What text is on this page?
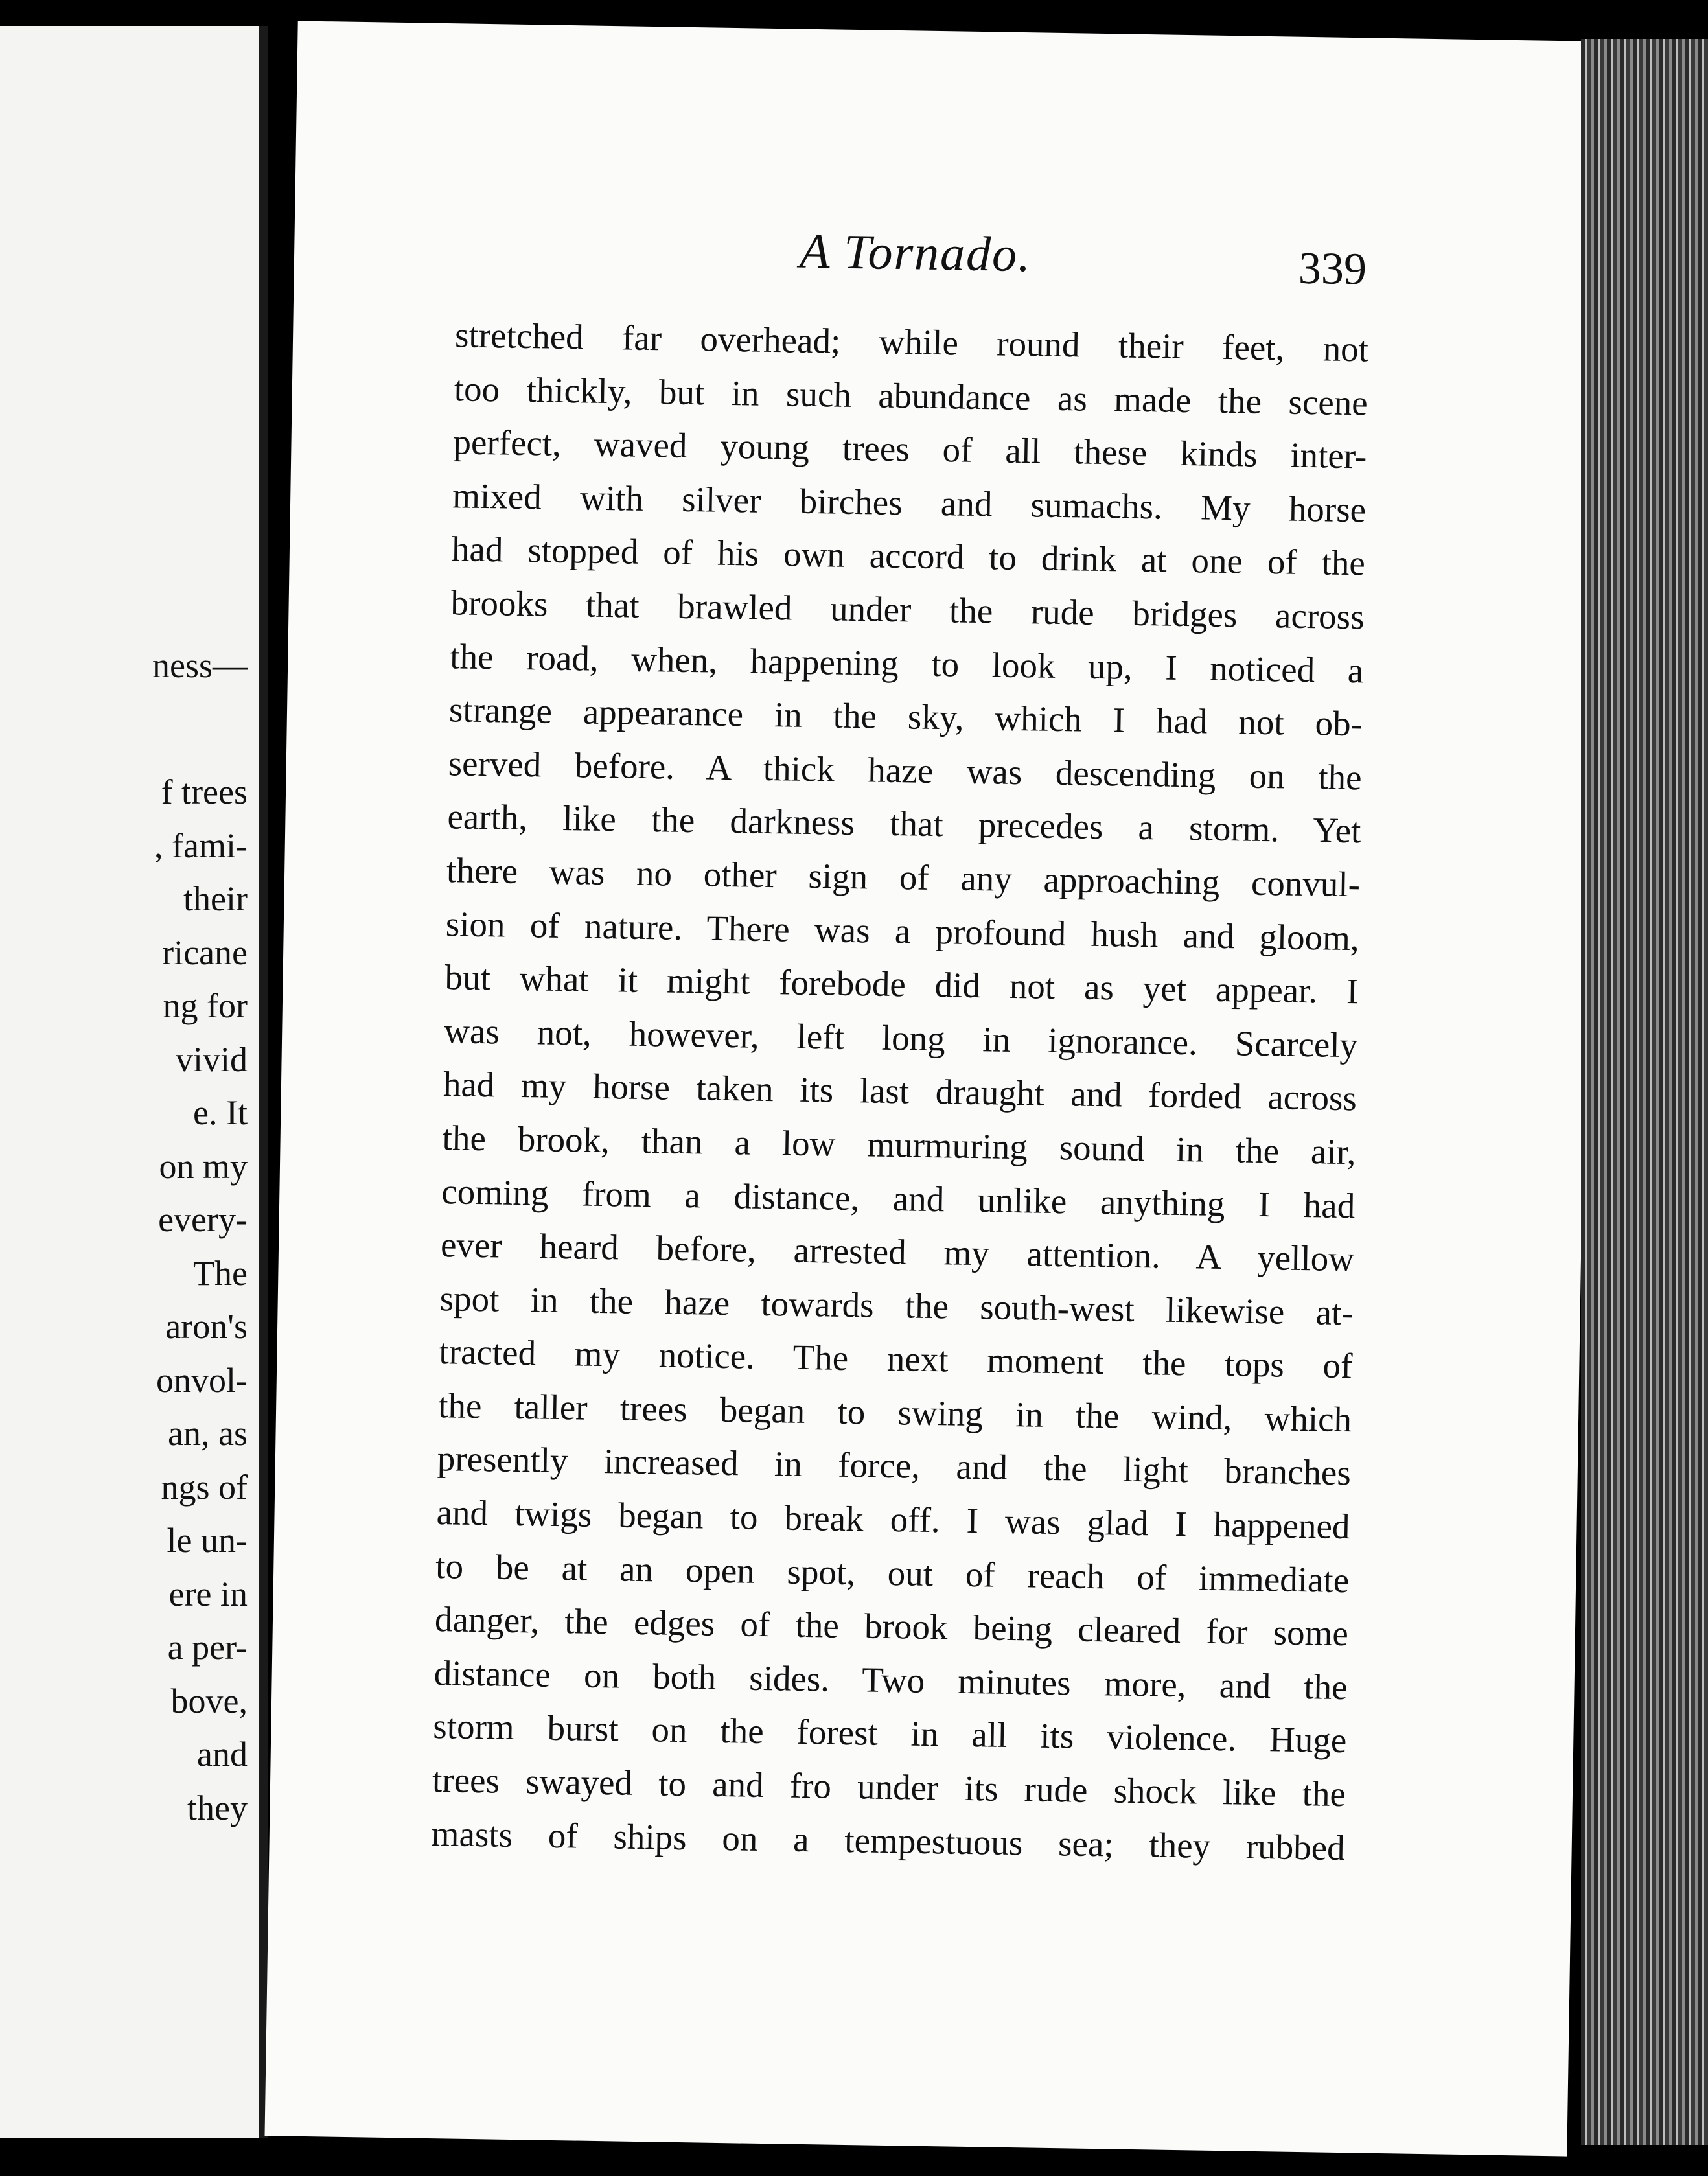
ness—
f trees
, fami-
their
ricane
ng for
vivid
e. It
on my
every-
The
aron's
onvol-
an, as
ngs of
le un-
ere in
a per-
bove,
and
they
A Tornado.	339
stretched far overhead; while round their feet, not
too thickly, but in such abundance as made the scene
perfect, waved young trees of all these kinds inter-
mixed with silver birches and sumachs. My horse
had stopped of his own accord to drink at one of the
brooks that brawled under the rude bridges across
the road, when, happening to look up, I noticed a
strange appearance in the sky, which I had not ob-
served before. A thick haze was descending on the
earth, like the darkness that precedes a storm. Yet
there was no other sign of any approaching convul-
sion of nature. There was a profound hush and gloom,
but what it might forebode did not as yet appear. I
was not, however, left long in ignorance. Scarcely
had my horse taken its last draught and forded across
the brook, than a low murmuring sound in the air,
coming from a distance, and unlike anything I had
ever heard before, arrested my attention. A yellow
spot in the haze towards the south-west likewise at-
tracted my notice. The next moment the tops of
the taller trees began to swing in the wind, which
presently increased in force, and the light branches
and twigs began to break off. I was glad I happened
to be at an open spot, out of reach of immediate
danger, the edges of the brook being cleared for some
distance on both sides. Two minutes more, and the
storm burst on the forest in all its violence. Huge
trees swayed to and fro under its rude shock like the
masts of ships on a tempestuous sea; they rubbed
